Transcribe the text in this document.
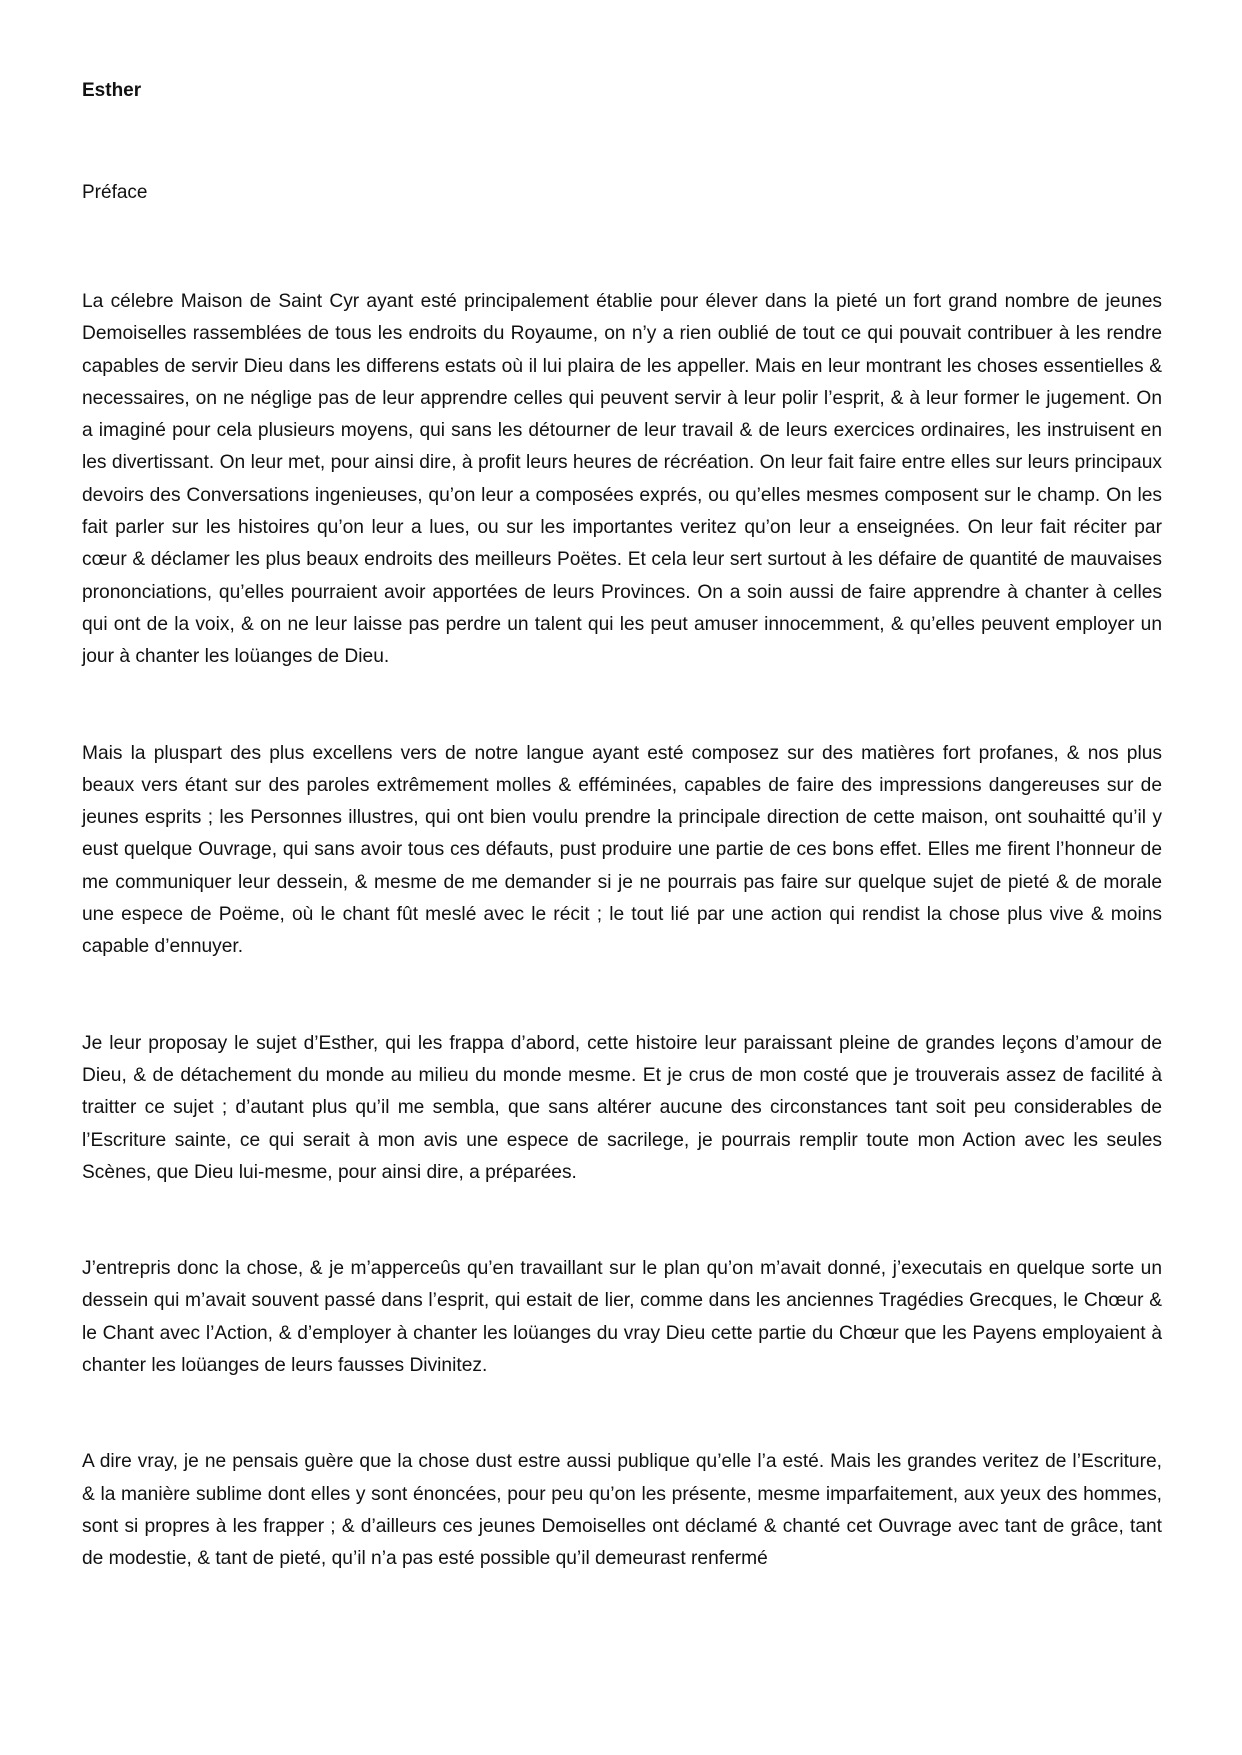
Esther
Préface

La célebre Maison de Saint Cyr ayant esté principalement établie pour élever dans la pieté un fort grand nombre de jeunes Demoiselles rassemblées de tous les endroits du Royaume, on n’y a rien oublié de tout ce qui pouvait contribuer à les rendre capables de servir Dieu dans les differens estats où il lui plaira de les appeller. Mais en leur montrant les choses essentielles & necessaires, on ne néglige pas de leur apprendre celles qui peuvent servir à leur polir l’esprit, & à leur former le jugement. On a imaginé pour cela plusieurs moyens, qui sans les détourner de leur travail & de leurs exercices ordinaires, les instruisent en les divertissant. On leur met, pour ainsi dire, à profit leurs heures de récréation. On leur fait faire entre elles sur leurs principaux devoirs des Conversations ingenieuses, qu’on leur a composées exprés, ou qu’elles mesmes composent sur le champ. On les fait parler sur les histoires qu’on leur a lues, ou sur les importantes veritez qu’on leur a enseignées. On leur fait réciter par cœur & déclamer les plus beaux endroits des meilleurs Poëtes. Et cela leur sert surtout à les défaire de quantité de mauvaises prononciations, qu’elles pourraient avoir apportées de leurs Provinces. On a soin aussi de faire apprendre à chanter à celles qui ont de la voix, & on ne leur laisse pas perdre un talent qui les peut amuser innocemment, & qu’elles peuvent employer un jour à chanter les loüanges de Dieu.

Mais la pluspart des plus excellens vers de notre langue ayant esté composez sur des matières fort profanes, & nos plus beaux vers étant sur des paroles extrêmement molles & efféminées, capables de faire des impressions dangereuses sur de jeunes esprits ; les Personnes illustres, qui ont bien voulu prendre la principale direction de cette maison, ont souhaitté qu’il y eust quelque Ouvrage, qui sans avoir tous ces défauts, pust produire une partie de ces bons effet. Elles me firent l’honneur de me communiquer leur dessein, & mesme de me demander si je ne pourrais pas faire sur quelque sujet de pieté & de morale une espece de Poëme, où le chant fût meslé avec le récit ; le tout lié par une action qui rendist la chose plus vive & moins capable d’ennuyer.

Je leur proposay le sujet d’Esther, qui les frappa d’abord, cette histoire leur paraissant pleine de grandes leçons d’amour de Dieu, & de détachement du monde au milieu du monde mesme. Et je crus de mon costé que je trouverais assez de facilité à traitter ce sujet ; d’autant plus qu’il me sembla, que sans altérer aucune des circonstances tant soit peu considerables de l’Escriture sainte, ce qui serait à mon avis une espece de sacrilege, je pourrais remplir toute mon Action avec les seules Scènes, que Dieu lui-mesme, pour ainsi dire, a préparées.

J’entrepris donc la chose, & je m’apperceûs qu’en travaillant sur le plan qu’on m’avait donné, j’executais en quelque sorte un dessein qui m’avait souvent passé dans l’esprit, qui estait de lier, comme dans les anciennes Tragédies Grecques, le Chœur & le Chant avec l’Action, & d’employer à chanter les loüanges du vray Dieu cette partie du Chœur que les Payens employaient à chanter les loüanges de leurs fausses Divinitez.

A dire vray, je ne pensais guère que la chose dust estre aussi publique qu’elle l’a esté. Mais les grandes veritez de l’Escriture, & la manière sublime dont elles y sont énoncées, pour peu qu’on les présente, mesme imparfaitement, aux yeux des hommes, sont si propres à les frapper ; & d’ailleurs ces jeunes Demoiselles ont déclamé & chanté cet Ouvrage avec tant de grâce, tant de modestie, & tant de pieté, qu’il n’a pas esté possible qu’il demeurast renfermé
